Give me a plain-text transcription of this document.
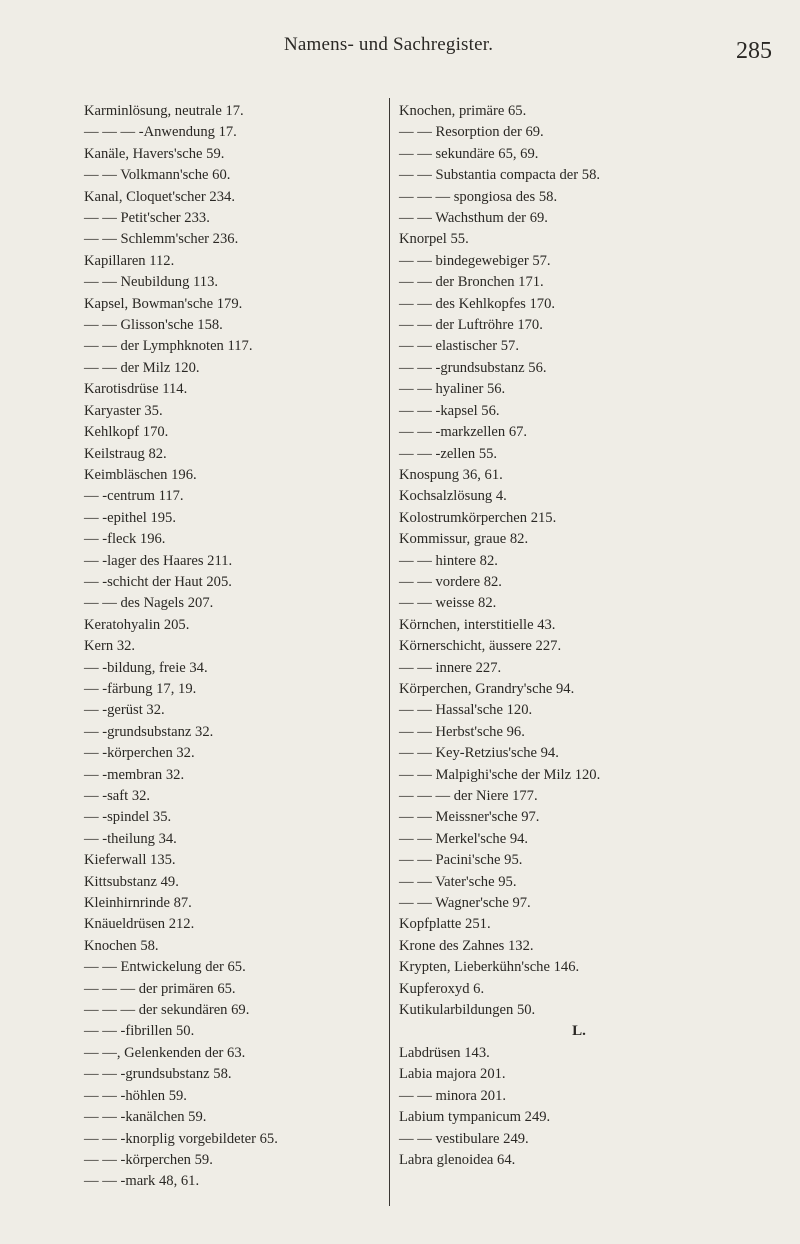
Namens- und Sachregister.	285
Karminlösung, neutrale 17.
— — — -Anwendung 17.
Kanäle, Havers'sche 59.
— — Volkmann'sche 60.
Kanal, Cloquet'scher 234.
— — Petit'scher 233.
— — Schlemm'scher 236.
Kapillaren 112.
— — Neubildung 113.
Kapsel, Bowman'sche 179.
— — Glisson'sche 158.
— — der Lymphknoten 117.
— — der Milz 120.
Karotisdrüse 114.
Karyaster 35.
Kehlkopf 170.
Keilstraug 82.
Keimbläschen 196.
— -centrum 117.
— -epithel 195.
— -fleck 196.
— -lager des Haares 211.
— -schicht der Haut 205.
— — des Nagels 207.
Keratohyalin 205.
Kern 32.
— -bildung, freie 34.
— -färbung 17, 19.
— -gerüst 32.
— -grundsubstanz 32.
— -körperchen 32.
— -membran 32.
— -saft 32.
— -spindel 35.
— -theilung 34.
Kieferwall 135.
Kittsubstanz 49.
Kleinhirnrinde 87.
Knäueldrüsen 212.
Knochen 58.
— — Entwickelung der 65.
— — — der primären 65.
— — — der sekundären 69.
— — -fibrillen 50.
— —, Gelenkenden der 63.
— — -grundsubstanz 58.
— — -höhlen 59.
— — -kanälchen 59.
— — -knorplig vorgebildeter 65.
— — -körperchen 59.
— — -mark 48, 61.
Knochen, primäre 65.
— — Resorption der 69.
— — sekundäre 65, 69.
— — Substantia compacta der 58.
— — — spongiosa des 58.
— — Wachsthum der 69.
Knorpel 55.
— — bindegewebiger 57.
— — der Bronchen 171.
— — des Kehlkopfes 170.
— — der Luftröhre 170.
— — elastischer 57.
— — -grundsubstanz 56.
— — hyaliner 56.
— — -kapsel 56.
— — -markzellen 67.
— — -zellen 55.
Knospung 36, 61.
Kochsalzlösung 4.
Kolostrumkörperchen 215.
Kommissur, graue 82.
— — hintere 82.
— — vordere 82.
— — weisse 82.
Körnchen, interstitielle 43.
Körnerschicht, äussere 227.
— — innere 227.
Körperchen, Grandry'sche 94.
— — Hassal'sche 120.
— — Herbst'sche 96.
— — Key-Retzius'sche 94.
— — Malpighi'sche der Milz 120.
— — — der Niere 177.
— — Meissner'sche 97.
— — Merkel'sche 94.
— — Pacini'sche 95.
— — Vater'sche 95.
— — Wagner'sche 97.
Kopfplatte 251.
Krone des Zahnes 132.
Krypten, Lieberkühn'sche 146.
Kupferoxyd 6.
Kutikularbildungen 50.
L.
Labdrüsen 143.
Labia majora 201.
— — minora 201.
Labium tympanicum 249.
— — vestibulare 249.
Labra glenoidea 64.
